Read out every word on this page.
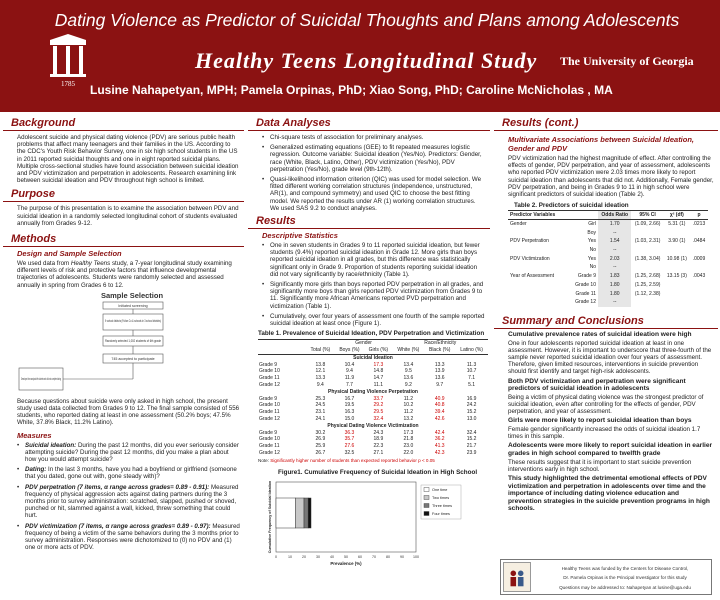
Dating Violence as Predictor of Suicidal Thoughts and Plans among Adolescents
1785
Healthy Teens Longitudinal Study The University of Georgia
Lusine Nahapetyan, MPH; Pamela Orpinas, PhD; Xiao Song, PhD; Caroline McNicholas , MA
Background

Adolescent suicide and physical dating violence (PDV) are serious public health problems that affect many teenagers and their families in the US. According to the CDC's Youth Risk Behavior Survey, one in six high school students in the US in 2011 reported suicidal thoughts and one in eight reported suicidal plans. Multiple cross-sectional studies have found association between suicidal ideation and PDV victimization and perpetration in adolescents. Research examining link between suicidal ideation and PDV throughout high school is limited.

Purpose

The purpose of this presentation is to examine the association between PDV and suicidal ideation in a randomly selected longitudinal cohort of students evaluated annually from Grades 9-12.

Methods
Design and Sample Selection

We used data from Healthy Teens study, a 7-year longitudinal study examining different levels of risk and protective factors that influence developmental trajectories of adolescents. Students were randomly selected and assessed annually in spring from Grades 6 to 12.

Sample Selection
Initiated screening
9 school districts (Fulton Co & schools in 3 school districts)
Randomly selected 1,002 students of 6th grade
745 accepted to participate
Developed from analysis left students who did not complete dating

Because questions about suicide were only asked in high school, the present study used data collected from Grades 9 to 12. The final sample consisted of 556 students, who reported dating at least in one assessment (50.2% boys; 47.5% White, 37.8% Black, 11.2% Latino).

Measures
• Suicidal ideation: During the past 12 months, did you ever seriously consider attempting suicide? During the past 12 months, did you make a plan about how you would attempt suicide?
• Dating: In the last 3 months, have you had a boyfriend or girlfriend (someone that you dated, gone out with, gone steady with)?
• PDV perpetration (7 items, α range across grades= 0.89 - 0.91): Measured frequency of physical aggression acts against dating partners during the 3 months prior to survey administration: scratched, slapped, pushed or shoved, punched or hit, slammed against a wall, kicked, threw something that could hurt.
• PDV victimization (7 items, α range across grades= 0.89 - 0.97): Measured frequency of being a victim of the same behaviors during the 3 months prior to survey administration. Responses were dichotomized to (0) no PDV and (1) one or more acts of PDV.
Data Analyses
• Chi-square tests of association for preliminary analyses.
• Generalized estimating equations (GEE) to fit repeated measures logistic regression. Outcome variable: Suicidal ideation (Yes/No). Predictors: Gender, race (White, Black, Latino, Other), PDV victimization (Yes/No), PDV perpetration (Yes/No), grade level (9th-12th).
• Quasi-likelihood information criterion (QIC) was used for model selection. We fitted different working correlation structures (independence, unstructured, AR(1), and compound symmetry) and used QIC to choose the best fitting model. We reported the results under AR (1) working correlation structures. We used SAS 9.2 to conduct analyses.
Results
Descriptive Statistics
• One in seven students in Grades 9 to 11 reported suicidal ideation, but fewer students (9.4%) reported suicidal ideation in Grade 12. More girls than boys reported suicidal ideation in all grades, but this difference was statistically significant only in Grade 9. Proportion of students reporting suicidal ideation did not vary significantly by race/ethnicity (Table 1).
• Significantly more girls than boys reported PDV perpetration in all grades, and significantly more boys than girls reported PDV victimization from Grades 9 to 11. Significantly more African Americans reported PVD perpetration and victimization (Table 1).
• Cumulatively, over four years of assessment one fourth of the sample reported suicidal ideation at least once (Figure 1).
Table 1. Prevalence of Suicidal Ideation, PDV Perpetration and Victimization
		Gender		Race/Ethnicity		
	Total (%)	Boys (%)	Girls (%)	White (%)	Black (%)	Latino (%)
Suicidal Ideation						
Grade 9	13.8	10.4	17.3	13.4	13.3	11.3
Grade 10	12.1	9.4	14.8	9.5	13.9	10.7
Grade 11	13.3	11.9	14.7	13.6	13.6	7.1
Grade 12	9.4	7.7	11.1	9.2	9.7	5.1
Physical Dating Violence Perpetration						
Grade 9	25.3	16.7	33.7	11.2	40.9	16.9
Grade 10	24.5	19.5	29.2	10.2	40.8	24.2
Grade 11	23.1	16.3	29.5	11.2	39.4	15.2
Grade 12	24.1	15.0	32.4	13.2	42.6	13.0
Physical Dating Violence Victimization						
Grade 9	30.2	36.3	24.3	17.3	42.4	32.4
Grade 10	26.9	35.7	18.9	21.8	36.2	15.2
Grade 11	25.9	27.6	22.3	23.0	41.3	21.7
Grade 12	26.7	32.5	27.1	22.0	42.3	23.9
Note: Significantly higher number of students than expected reported behavior p < 0.05
Figure1. Cumulative Frequency of Suicidal Ideation in High School
0	10	20	30	40	50	60	70	80	90	100
Prevalence (%)
Cumulative Frequency of Suicidal Ideation	One time
Two times
Three times
Four times
Results (cont.)
Multivariate Associations between Suicidal Ideation, Gender and PDV

PDV victimization had the highest magnitude of effect. After controlling the effects of gender, PDV perpetration, and year of assessment, adolescents who reported PDV victimization were 2.03 times more likely to report suicidal ideation than adolescents that did not. Additionally, Female gender, PDV perpetration, and being in Grades 9 to 11 in high school were significant predictors of suicidal ideation (Table 2).

Table 2. Predictors of suicidal ideation
Predictor Variables		Odds Ratio	95% CI	χ² (df)	p
Gender	Girl	1.70	(1.09, 2.66)	5.31 (1)	.0213
	Boy	--			
PDV Perpetration	Yes	1.54	(1.03, 2.31)	3.90 (1)	.0484
	No	--			
PDV Victimization	Yes	2.03	(1.38, 3.04)	10.98 (1)	.0009
	No	--			
Year of Assessment	Grade 9	1.83	(1.25, 2.68)	13.15 (3)	.0043
	Grade 10	1.80	(1.25, 2.59)		
	Grade 11	1.80	(1.12, 2.38)		
	Grade 12	--			
Summary and Conclusions
Cumulative prevalence rates of suicidal ideation were high

One in four adolescents reported suicidal ideation at least in one assessment. However, it is important to underscore that three-fourth of the sample never reported suicidal ideation over four years of assessment. Therefore, given limited resources, interventions in suicide prevention should first identify and target high-risk adolescents.

Both PDV victimization and perpetration were significant predictors of suicidal ideation in adolescents

Being a victim of physical dating violence was the strongest predictor of suicidal ideation, even after controlling for the effects of gender, PDV perpetration, and year of assessment.

Girls were more likely to report suicidal ideation than boys

Female gender significantly increased the odds of suicidal ideation 1.7 times in this sample.

Adolescents were more likely to report suicidal ideation in earlier grades in high school compared to twelfth grade

These results suggest that it is important to start suicide prevention interventions early in high school.

This study highlighted the detrimental emotional effects of PDV victimization and perpetration in adolescents over time and the importance of including dating violence education and prevention strategies in the suicide prevention programs in high schools.
Healthy Teens was funded by the Centers for Disease Control,
Dr. Pamela Orpinas is the Principal Investigator for this study
Questions may be addressed to: Nahapetyan at lusine@uga.edu
